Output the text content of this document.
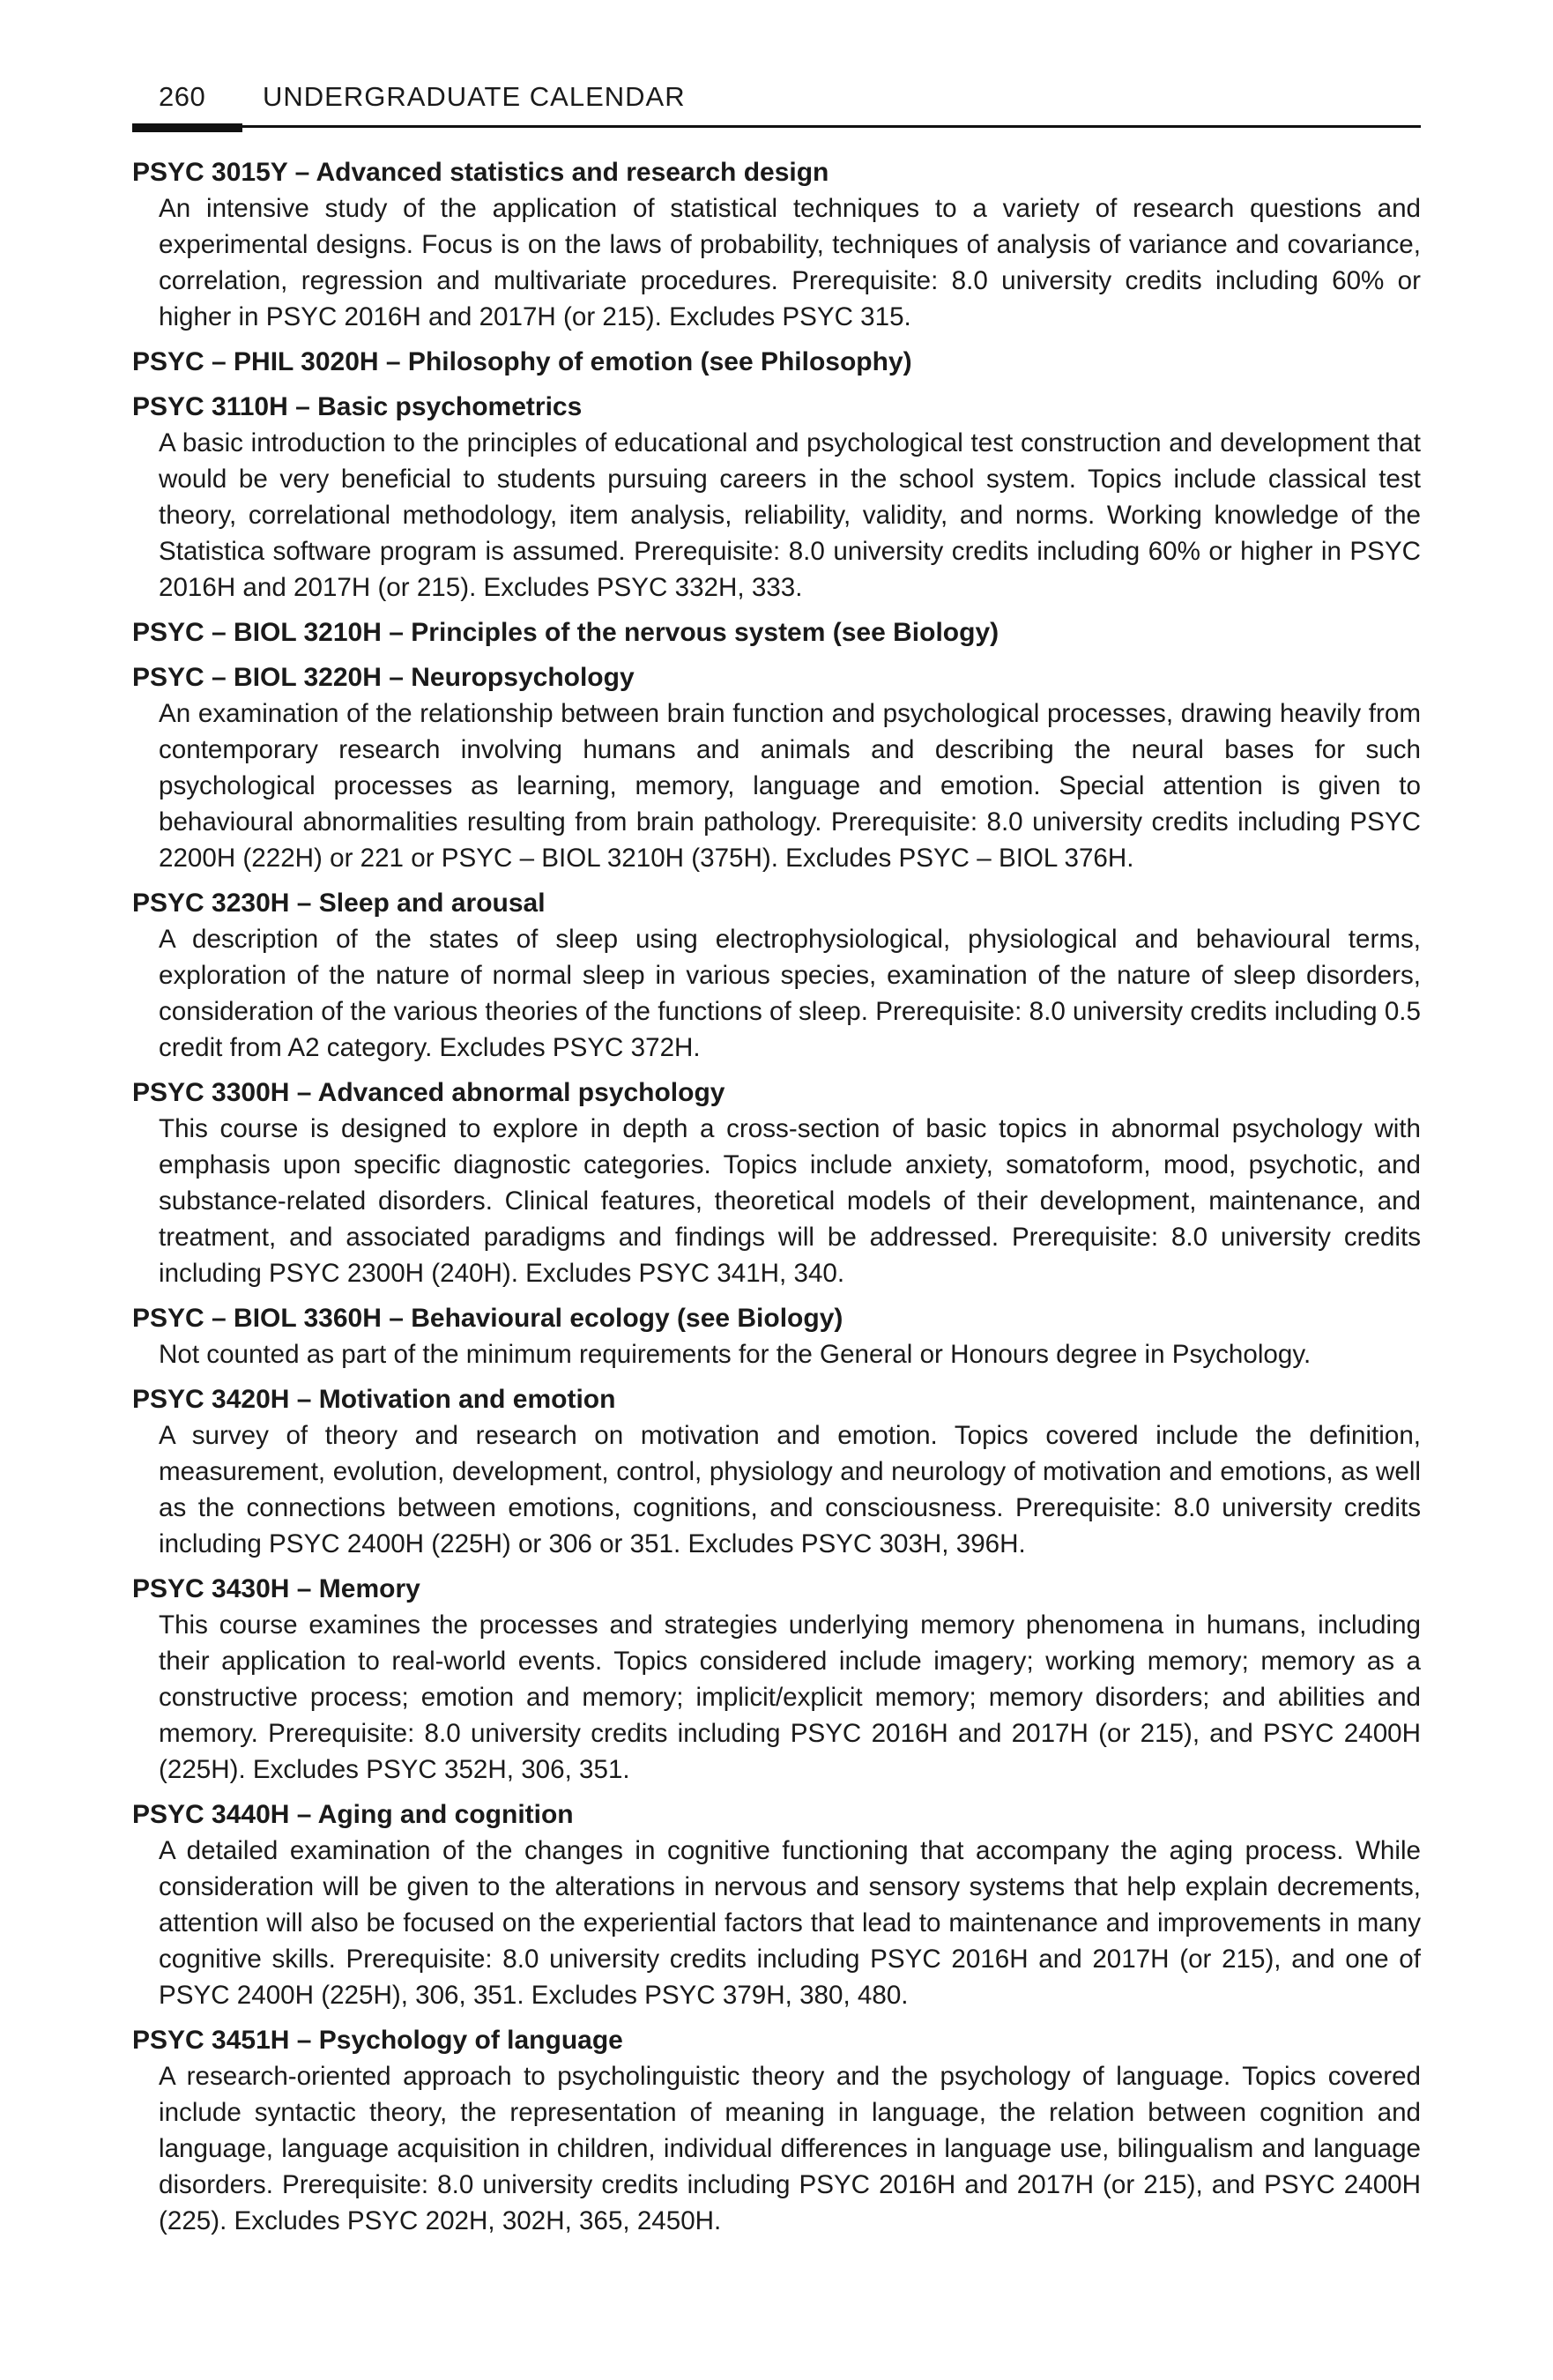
260 UNDERGRADUATE CALENDAR
PSYC 3015Y – Advanced statistics and research design
An intensive study of the application of statistical techniques to a variety of research questions and experimental designs. Focus is on the laws of probability, techniques of analysis of variance and covariance, correlation, regression and multivariate procedures. Prerequisite: 8.0 university credits including 60% or higher in PSYC 2016H and 2017H (or 215). Excludes PSYC 315.
PSYC – PHIL 3020H – Philosophy of emotion (see Philosophy)
PSYC 3110H – Basic psychometrics
A basic introduction to the principles of educational and psychological test construction and development that would be very beneficial to students pursuing careers in the school system. Topics include classical test theory, correlational methodology, item analysis, reliability, validity, and norms. Working knowledge of the Statistica software program is assumed. Prerequisite: 8.0 university credits including 60% or higher in PSYC 2016H and 2017H (or 215). Excludes PSYC 332H, 333.
PSYC – BIOL 3210H – Principles of the nervous system (see Biology)
PSYC – BIOL 3220H – Neuropsychology
An examination of the relationship between brain function and psychological processes, drawing heavily from contemporary research involving humans and animals and describing the neural bases for such psychological processes as learning, memory, language and emotion. Special attention is given to behavioural abnormalities resulting from brain pathology. Prerequisite: 8.0 university credits including PSYC 2200H (222H) or 221 or PSYC – BIOL 3210H (375H). Excludes PSYC – BIOL 376H.
PSYC 3230H – Sleep and arousal
A description of the states of sleep using electrophysiological, physiological and behavioural terms, exploration of the nature of normal sleep in various species, examination of the nature of sleep disorders, consideration of the various theories of the functions of sleep. Prerequisite: 8.0 university credits including 0.5 credit from A2 category. Excludes PSYC 372H.
PSYC 3300H – Advanced abnormal psychology
This course is designed to explore in depth a cross-section of basic topics in abnormal psychology with emphasis upon specific diagnostic categories. Topics include anxiety, somatoform, mood, psychotic, and substance-related disorders. Clinical features, theoretical models of their development, maintenance, and treatment, and associated paradigms and findings will be addressed. Prerequisite: 8.0 university credits including PSYC 2300H (240H). Excludes PSYC 341H, 340.
PSYC – BIOL 3360H – Behavioural ecology (see Biology)
Not counted as part of the minimum requirements for the General or Honours degree in Psychology.
PSYC 3420H – Motivation and emotion
A survey of theory and research on motivation and emotion. Topics covered include the definition, measurement, evolution, development, control, physiology and neurology of motivation and emotions, as well as the connections between emotions, cognitions, and consciousness. Prerequisite: 8.0 university credits including PSYC 2400H (225H) or 306 or 351. Excludes PSYC 303H, 396H.
PSYC 3430H – Memory
This course examines the processes and strategies underlying memory phenomena in humans, including their application to real-world events. Topics considered include imagery; working memory; memory as a constructive process; emotion and memory; implicit/explicit memory; memory disorders; and abilities and memory. Prerequisite: 8.0 university credits including PSYC 2016H and 2017H (or 215), and PSYC 2400H (225H). Excludes PSYC 352H, 306, 351.
PSYC 3440H – Aging and cognition
A detailed examination of the changes in cognitive functioning that accompany the aging process. While consideration will be given to the alterations in nervous and sensory systems that help explain decrements, attention will also be focused on the experiential factors that lead to maintenance and improvements in many cognitive skills. Prerequisite: 8.0 university credits including PSYC 2016H and 2017H (or 215), and one of PSYC 2400H (225H), 306, 351. Excludes PSYC 379H, 380, 480.
PSYC 3451H – Psychology of language
A research-oriented approach to psycholinguistic theory and the psychology of language. Topics covered include syntactic theory, the representation of meaning in language, the relation between cognition and language, language acquisition in children, individual differences in language use, bilingualism and language disorders. Prerequisite: 8.0 university credits including PSYC 2016H and 2017H (or 215), and PSYC 2400H (225). Excludes PSYC 202H, 302H, 365, 2450H.
